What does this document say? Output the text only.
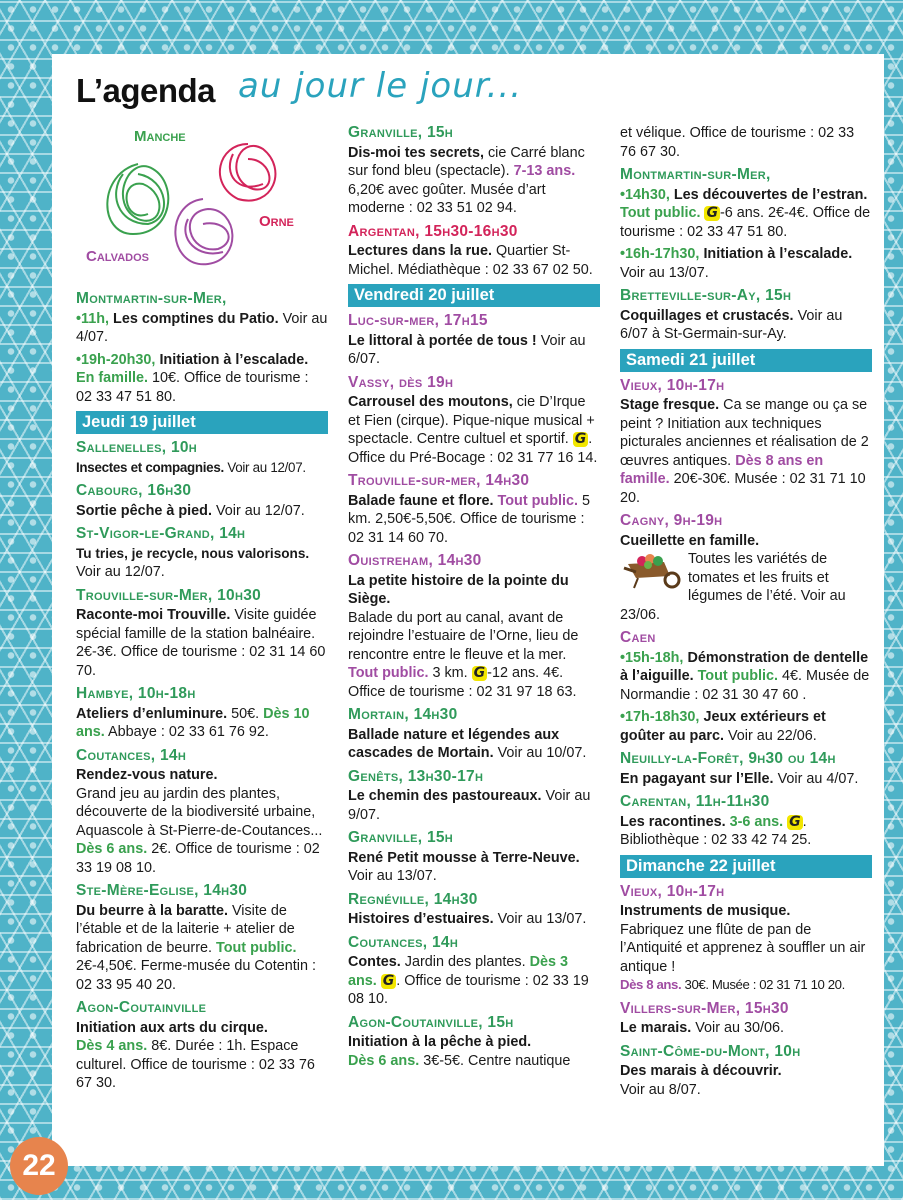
L’agenda au jour le jour...
Manche
Orne
Calvados
Montmartin-sur-Mer,
•11h, Les comptines du Patio. Voir au 4/07.
•19h-20h30, Initiation à l’escalade. En famille. 10€. Office de tourisme : 02 33 47 51 80.
Jeudi 19 juillet
Sallenelles, 10h
Insectes et compagnies. Voir au 12/07.
Cabourg, 16h30
Sortie pêche à pied. Voir au 12/07.
St-Vigor-le-Grand, 14h
Tu tries, je recycle, nous valorisons. Voir au 12/07.
Trouville-sur-Mer, 10h30
Raconte-moi Trouville. Visite guidée spécial famille de la station balnéaire. 2€-3€. Office de tourisme : 02 31 14 60 70.
Hambye, 10h-18h
Ateliers d’enluminure. 50€. Dès 10 ans. Abbaye : 02 33 61 76 92.
Coutances, 14h
Rendez-vous nature.
Grand jeu au jardin des plantes, découverte de la biodiversité urbaine, Aquascole à St-Pierre-de-Coutances...
Dès 6 ans. 2€. Office de tourisme : 02 33 19 08 10.
Ste-Mère-Eglise, 14h30
Du beurre à la baratte. Visite de l’étable et de la laiterie + atelier de fabrication de beurre. Tout public. 2€-4,50€. Ferme-musée du Cotentin : 02 33 95 40 20.
Agon-Coutainville
Initiation aux arts du cirque.
Dès 4 ans. 8€. Durée : 1h. Espace culturel. Office de tourisme : 02 33 76 67 30.
Granville, 15h
Dis-moi tes secrets, cie Carré blanc sur fond bleu (spectacle). 7-13 ans. 6,20€ avec goûter. Musée d’art moderne : 02 33 51 02 94.
Argentan, 15h30-16h30
Lectures dans la rue. Quartier St-Michel. Médiathèque : 02 33 67 02 50.
Vendredi 20 juillet
Luc-sur-mer, 17h15
Le littoral à portée de tous ! Voir au 6/07.
Vassy, dès 19h
Carrousel des moutons, cie D’Irque et Fien (cirque). Pique-nique musical + spectacle. Centre cultuel et sportif. G . Office du Pré-Bocage : 02 31 77 16 14.
Trouville-sur-mer, 14h30
Balade faune et flore. Tout public. 5 km. 2,50€-5,50€. Office de tourisme : 02 31 14 60 70.
Ouistreham, 14h30
La petite histoire de la pointe du Siège.
Balade du port au canal, avant de rejoindre l’estuaire de l’Orne, lieu de rencontre entre le fleuve et la mer.
Tout public. 3 km. G -12 ans. 4€. Office de tourisme : 02 31 97 18 63.
Mortain, 14h30
Ballade nature et légendes aux cascades de Mortain. Voir au 10/07.
Genêts, 13h30-17h
Le chemin des pastoureaux. Voir au 9/07.
Granville, 15h
René Petit mousse à Terre-Neuve. Voir au 13/07.
Regnéville, 14h30
Histoires d’estuaires. Voir au 13/07.
Coutances, 14h
Contes. Jardin des plantes. Dès 3 ans. G . Office de tourisme : 02 33 19 08 10.
Agon-Coutainville, 15h
Initiation à la pêche à pied.
Dès 6 ans. 3€-5€. Centre nautique
et vélique. Office de tourisme : 02 33 76 67 30.
Montmartin-sur-Mer,
•14h30, Les découvertes de l’estran. Tout public. G -6 ans. 2€-4€. Office de tourisme : 02 33 47 51 80.
•16h-17h30, Initiation à l’escalade. Voir au 13/07.
Bretteville-sur-Ay, 15h
Coquillages et crustacés. Voir au 6/07 à St-Germain-sur-Ay.
Samedi 21 juillet
Vieux, 10h-17h
Stage fresque. Ca se mange ou ça se peint ? Initiation aux techniques picturales anciennes et réalisation de 2 œuvres antiques. Dès 8 ans en famille. 20€-30€. Musée : 02 31 71 10 20.
Cagny, 9h-19h
Cueillette en famille.

Toutes les variétés de tomates et les fruits et légumes de l’été. Voir au 23/06.
Caen
•15h-18h, Démonstration de dentelle à l’aiguille. Tout public. 4€. Musée de Normandie : 02 31 30 47 60 .
•17h-18h30, Jeux extérieurs et goûter au parc. Voir au 22/06.
Neuilly-la-Forêt, 9h30 ou 14h
En pagayant sur l’Elle. Voir au 4/07.
Carentan, 11h-11h30
Les racontines. 3-6 ans. G . Bibliothèque : 02 33 42 74 25.
Dimanche 22 juillet
Vieux, 10h-17h
Instruments de musique.
Fabriquez une flûte de pan de l’Antiquité et apprenez à souffler un air antique !
Dès 8 ans. 30€. Musée : 02 31 71 10 20.
Villers-sur-Mer, 15h30
Le marais. Voir au 30/06.
Saint-Côme-du-Mont, 10h
Des marais à découvrir.
Voir au 8/07.
22
